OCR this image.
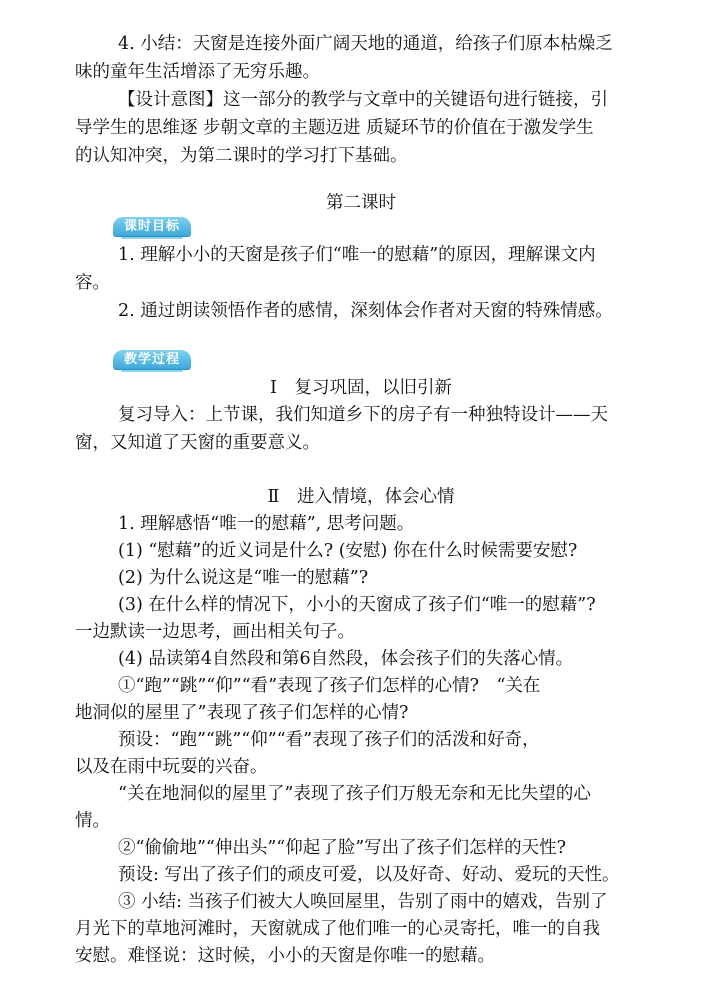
4. 小结：天窗是连接外面广阔天地的通道，给孩子们原本枯燥乏
味的童年生活增添了无穷乐趣。
【设计意图】这一部分的教学与文章中的关键语句进行链接，引
导学生的思维逐 步朝文章的主题迈进 质疑环节的价值在于激发学生
的认知冲突，为第二课时的学习打下基础。
第二课时
课时目标
1. 理解小小的天窗是孩子们“唯一的慰藉”的原因，理解课文内
容。
2. 通过朗读领悟作者的感情，深刻体会作者对天窗的特殊情感。
教学过程
Ⅰ　复习巩固，以旧引新
复习导入：上节课，我们知道乡下的房子有一种独特设计——天
窗，又知道了天窗的重要意义。
Ⅱ　进入情境，体会心情
1. 理解感悟“唯一的慰藉”, 思考问题。
(1) “慰藉”的近义词是什么? (安慰) 你在什么时候需要安慰?
(2) 为什么说这是“唯一的慰藉”?
(3) 在什么样的情况下，小小的天窗成了孩子们“唯一的慰藉”?
一边默读一边思考，画出相关句子。
(4) 品读第4自然段和第6自然段，体会孩子们的失落心情。
①“跑”“跳”“仰”“看”表现了孩子们怎样的心情?　“关在
地洞似的屋里了”表现了孩子们怎样的心情?
预设：“跑”“跳”“仰”“看”表现了孩子们的活泼和好奇，
以及在雨中玩耍的兴奋。
“关在地洞似的屋里了”表现了孩子们万般无奈和无比失望的心
情。
②“偷偷地”“伸出头”“仰起了脸”写出了孩子们怎样的天性?
预设: 写出了孩子们的顽皮可爱，以及好奇、好动、爱玩的天性。
③ 小结: 当孩子们被大人唤回屋里，告别了雨中的嬉戏，告别了
月光下的草地河滩时，天窗就成了他们唯一的心灵寄托，唯一的自我
安慰。难怪说：这时候，小小的天窗是你唯一的慰藉。
